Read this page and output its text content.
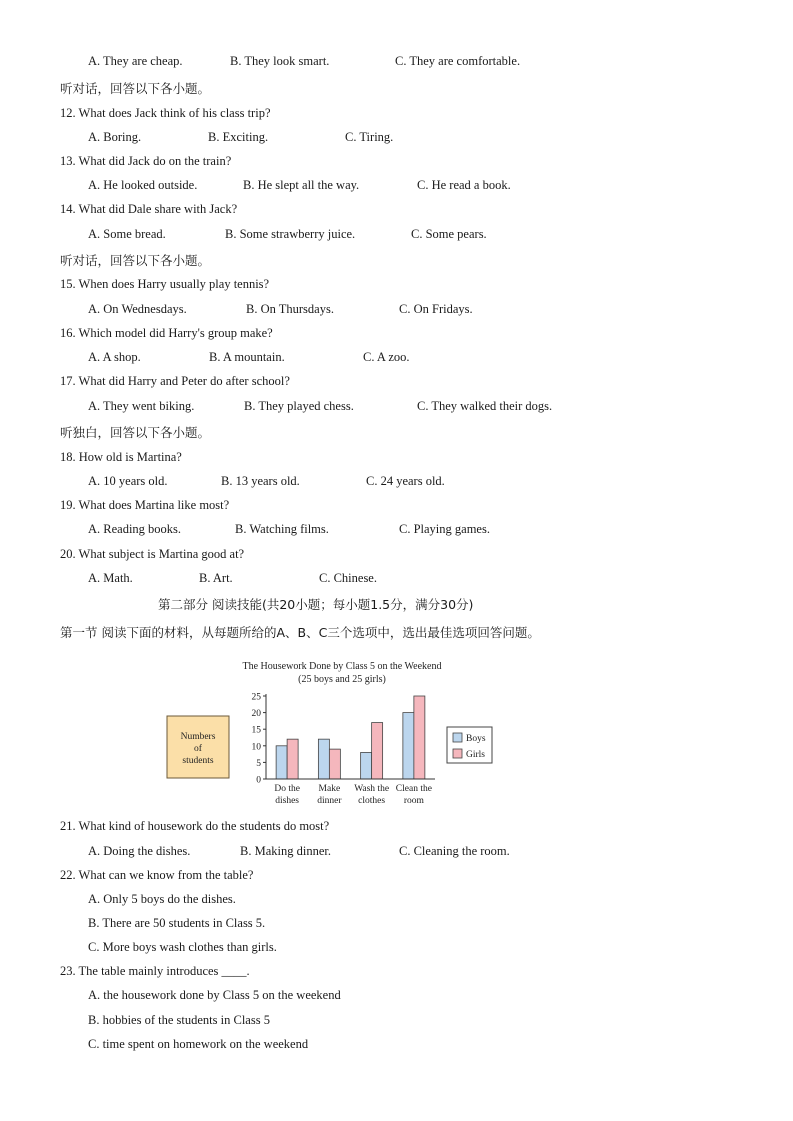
A. They are cheap.	B. They look smart.	C. They are comfortable.
听对话，回答以下各小题。
12. What does Jack think of his class trip?
A. Boring.	B. Exciting.	C. Tiring.
13. What did Jack do on the train?
A. He looked outside.	B. He slept all the way.	C. He read a book.
14. What did Dale share with Jack?
A. Some bread.	B. Some strawberry juice.	C. Some pears.
听对话，回答以下各小题。
15. When does Harry usually play tennis?
A. On Wednesdays.	B. On Thursdays.	C. On Fridays.
16. Which model did Harry's group make?
A. A shop.	B. A mountain.	C. A zoo.
17. What did Harry and Peter do after school?
A. They went biking.	B. They played chess.	C. They walked their dogs.
听独白，回答以下各小题。
18. How old is Martina?
A. 10 years old.	B. 13 years old.	C. 24 years old.
19. What does Martina like most?
A. Reading books.	B. Watching films.	C. Playing games.
20. What subject is Martina good at?
A. Math.	B. Art.	C. Chinese.
第二部分 阅读技能(共20小题；每小题1.5分，满分30分)
第一节 阅读下面的材料，从每题所给的A、B、C三个选项中，选出最佳选项回答问题。
The Housework Done by Class 5 on the Weekend
(25 boys and 25 girls)
Numbers
of
students
0
5
10
15
20
25
Do the
dishes
Make
dinner
Wash the
clothes
Clean the
room
Boys
Girls
21. What kind of housework do the students do most?
A. Doing the dishes.	B. Making dinner.	C. Cleaning the room.
22. What can we know from the table?
A. Only 5 boys do the dishes.
B. There are 50 students in Class 5.
C. More boys wash clothes than girls.
23. The table mainly introduces ____.
A. the housework done by Class 5 on the weekend
B. hobbies of the students in Class 5
C. time spent on homework on the weekend
